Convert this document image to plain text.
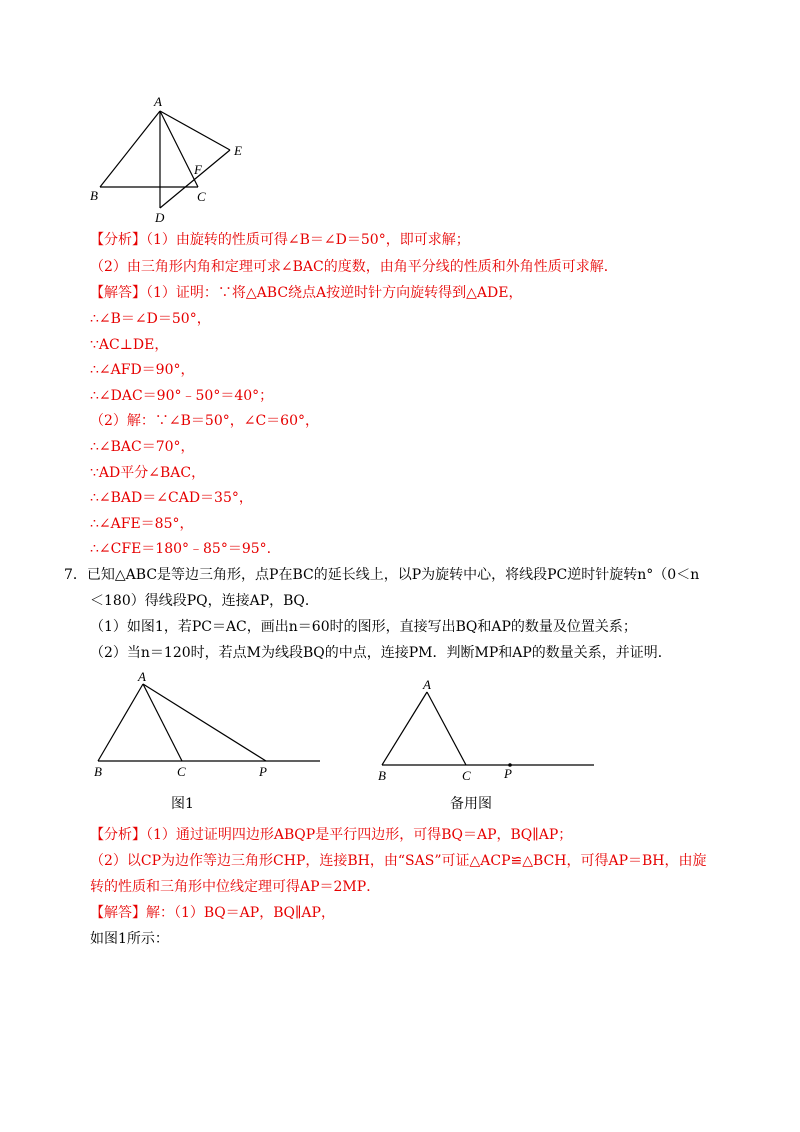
A
B	C
D
E
F
【分析】（1）由旋转的性质可得∠B＝∠D＝50°，即可求解；
（2）由三角形内角和定理可求∠BAC的度数，由角平分线的性质和外角性质可求解．
【解答】（1）证明：∵将△ABC绕点A按逆时针方向旋转得到△ADE，
∴∠B＝∠D＝50°，
∵AC⊥DE，
∴∠AFD＝90°，
∴∠DAC＝90°﹣50°＝40°；
（2）解：∵∠B＝50°，∠C＝60°，
∴∠BAC＝70°，
∵AD平分∠BAC，
∴∠BAD＝∠CAD＝35°，
∴∠AFE＝85°，
∴∠CFE＝180°﹣85°＝95°.
7．已知△ABC是等边三角形，点P在BC的延长线上，以P为旋转中心，将线段PC逆时针旋转n°（0＜n
＜180）得线段PQ，连接AP，BQ．
（1）如图1，若PC＝AC，画出n＝60时的图形，直接写出BQ和AP的数量及位置关系；
（2）当n＝120时，若点M为线段BQ的中点，连接PM．判断MP和AP的数量关系，并证明．
A
B	C	P
图1
A
B	C	P
备用图
【分析】（1）通过证明四边形ABQP是平行四边形，可得BQ＝AP，BQ∥AP；
（2）以CP为边作等边三角形CHP，连接BH，由“SAS”可证△ACP≌△BCH，可得AP＝BH，由旋
转的性质和三角形中位线定理可得AP＝2MP．
【解答】解：（1）BQ＝AP，BQ∥AP，
如图1所示：
